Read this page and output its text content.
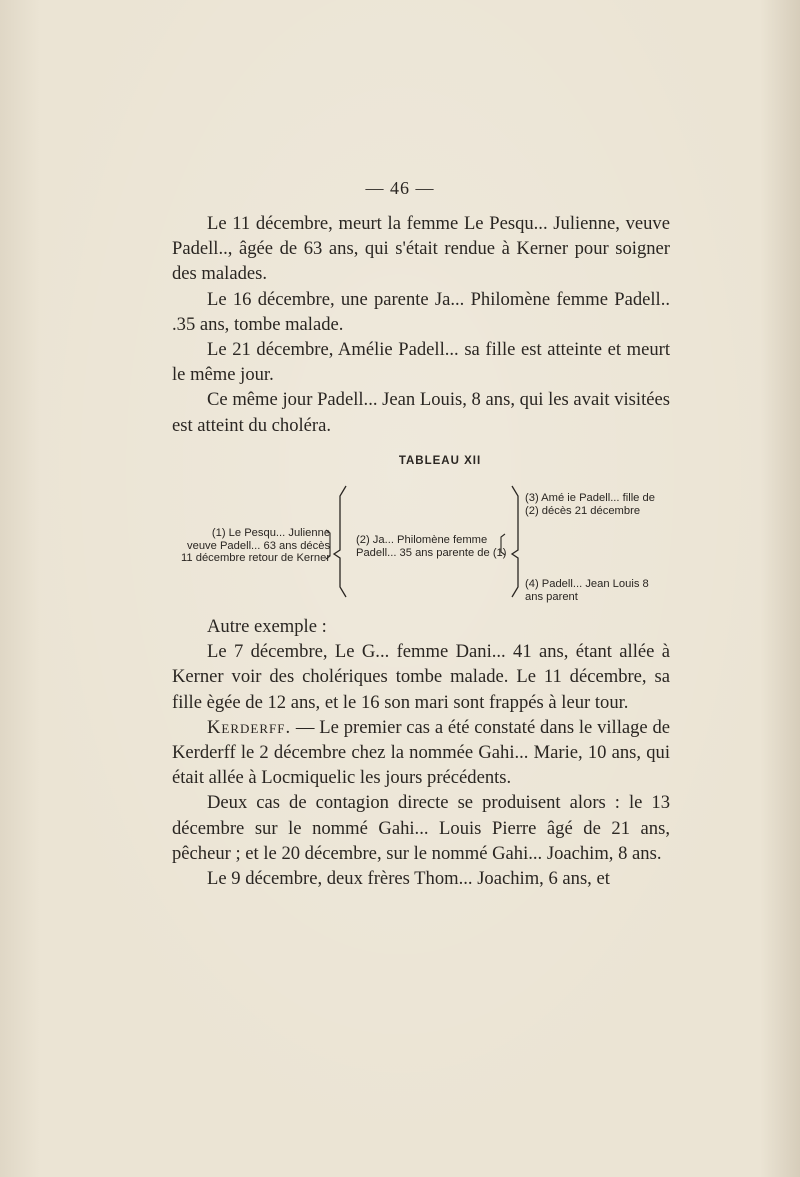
— 46 —

Le 11 décembre, meurt la femme Le Pesqu... Julienne, veuve Padell.., âgée de 63 ans, qui s'était rendue à Kerner pour soigner des malades.

Le 16 décembre, une parente Ja... Philomène femme Padell.. .35 ans, tombe malade.

Le 21 décembre, Amélie Padell... sa fille est atteinte et meurt le même jour.

Ce même jour Padell... Jean Louis, 8 ans, qui les avait visitées est atteint du choléra.

TABLEAU XII
(1) Le Pesqu... Julienne
veuve Padell... 63 ans décès
11 décembre retour de Kerner
(2) Ja... Philomène femme
Padell... 35 ans parente de (1)
(3) Amé ie Padell... fille de
(2) décès 21 décembre
(4) Padell... Jean Louis 8
ans parent

Autre exemple :

Le 7 décembre, Le G... femme Dani... 41 ans, étant allée à Kerner voir des cholériques tombe malade. Le 11 décembre, sa fille ègée de 12 ans, et le 16 son mari sont frappés à leur tour.

Kerderff. — Le premier cas a été constaté dans le village de Kerderff le 2 décembre chez la nommée Gahi... Marie, 10 ans, qui était allée à Locmiquelic les jours précédents.

Deux cas de contagion directe se produisent alors : le 13 décembre sur le nommé Gahi... Louis Pierre âgé de 21 ans, pêcheur ; et le 20 décembre, sur le nommé Gahi... Joachim, 8 ans.

Le 9 décembre, deux frères Thom... Joachim, 6 ans, et
